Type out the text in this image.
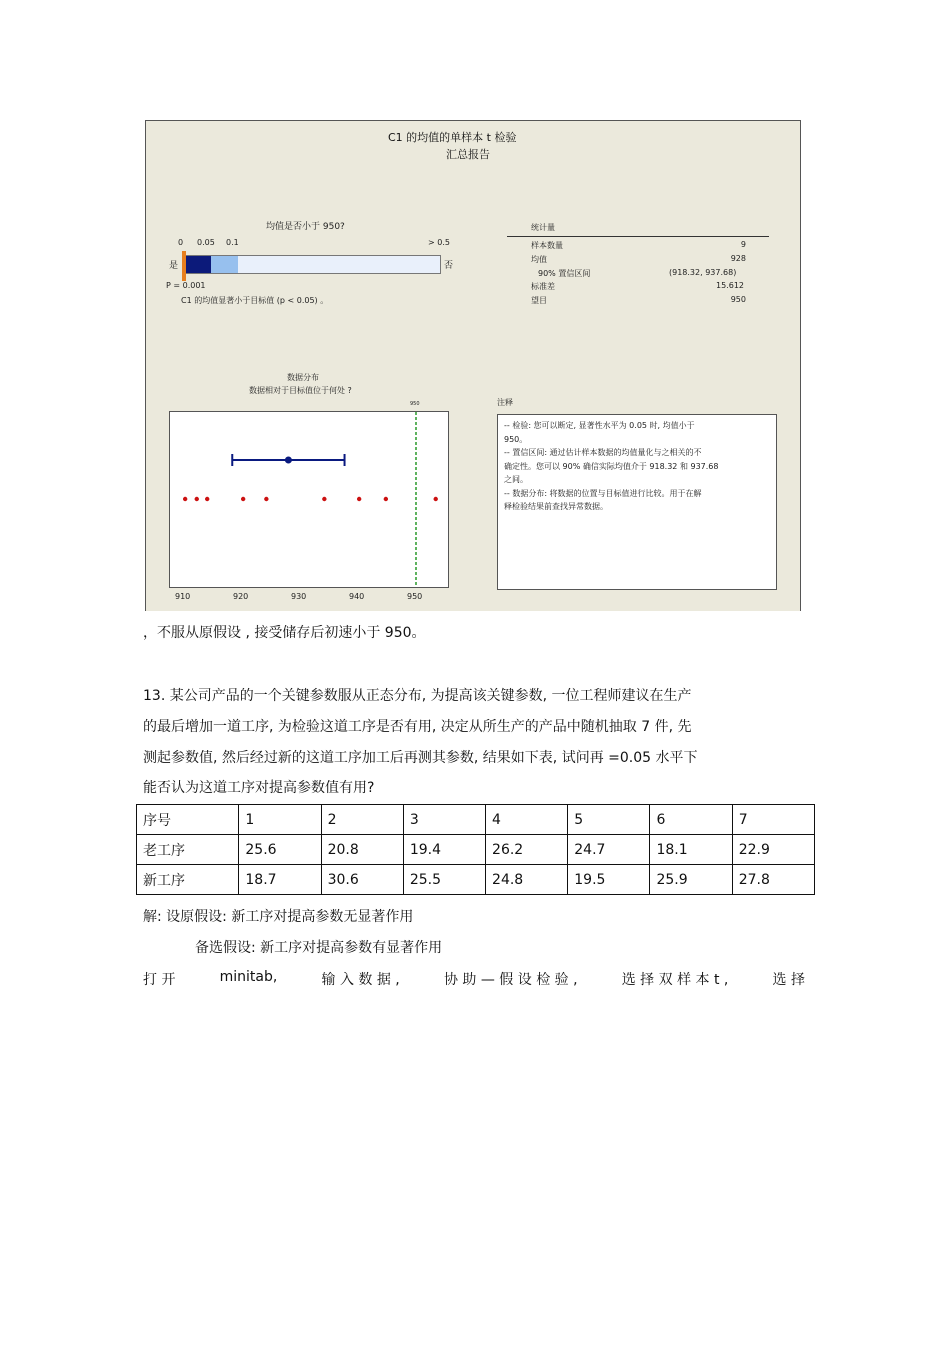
C1 的均值的单样本 t 检验
汇总报告
均值是否小于 950?
0 0.05 0.1	> 0.5
是	否
P = 0.001
C1 的均值显著小于目标值 (p < 0.05) 。
统计量
样本数量	9
均值	928
90% 置信区间	(918.32, 937.68)
标准差	15.612
望目	950
数据分布
数据相对于目标值位于何处 ?
950
910	920	930	940	950
注释
-- 检验: 您可以断定, 显著性水平为 0.05 时, 均值小于
950。
-- 置信区间: 通过估计样本数据的均值量化与之相关的不
确定性。您可以 90% 确信实际均值介于 918.32 和 937.68
之间。
-- 数据分布: 将数据的位置与目标值进行比较。用于在解
释检验结果前查找异常数据。
，不服从原假设 , 接受储存后初速小于 950。
13. 某公司产品的一个关键参数服从正态分布, 为提高该关键参数, 一位工程师建议在生产
的最后增加一道工序, 为检验这道工序是否有用, 决定从所生产的产品中随机抽取 7 件, 先
测起参数值, 然后经过新的这道工序加工后再测其参数, 结果如下表, 试问再 =0.05 水平下
能否认为这道工序对提高参数值有用?
序号	1	2	3	4	5	6	7
老工序	25.6	20.8	19.4	26.2	24.7	18.1	22.9
新工序	18.7	30.6	25.5	24.8	19.5	25.9	27.8
解: 设原假设: 新工序对提高参数无显著作用
备选假设: 新工序对提高参数有显著作用
打 开	minitab,	输 入 数 据 ,	协 助 — 假 设 检 验 ,	选 择 双 样 本 t ,	选 择
